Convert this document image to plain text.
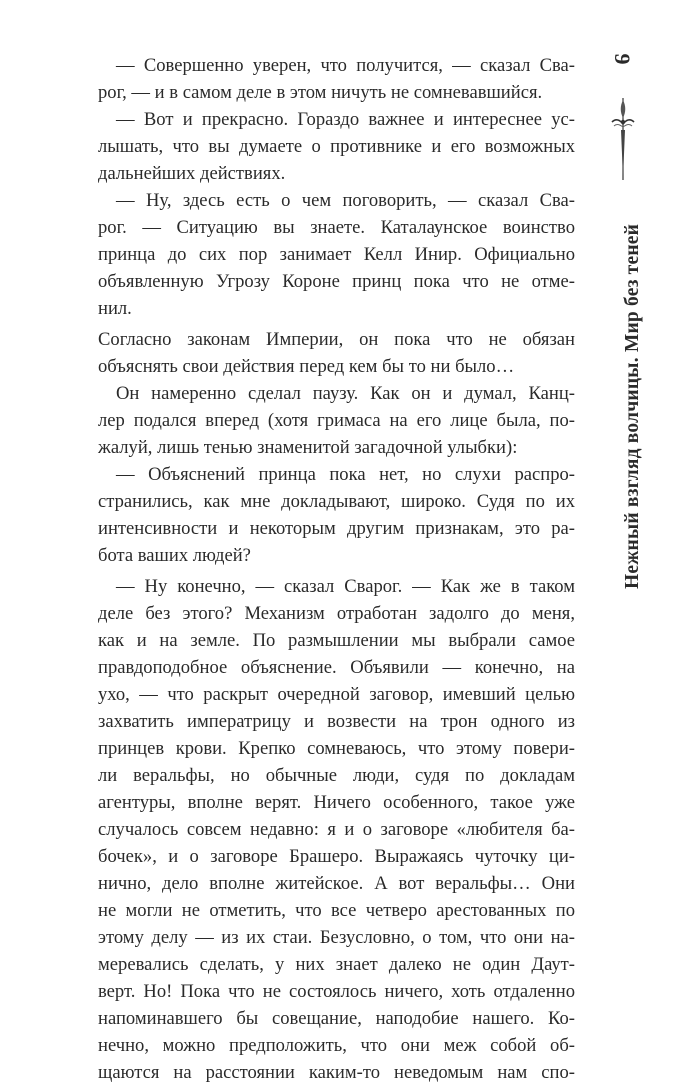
— Совершенно уверен, что получится, — сказал Сва-
рог, — и в самом деле в этом ничуть не сомневавшийся.
— Вот и прекрасно. Гораздо важнее и интереснее ус-
лышать, что вы думаете о противнике и его возможных
дальнейших действиях.
— Ну, здесь есть о чем поговорить, — сказал Сва-
рог. — Ситуацию вы знаете. Каталаунское воинство
принца до сих пор занимает Келл Инир. Официально
объявленную Угрозу Короне принц пока что не отме-
нил.
Согласно законам Империи, он пока что не обязан
объяснять свои действия перед кем бы то ни было…
Он намеренно сделал паузу. Как он и думал, Канц-
лер подался вперед (хотя гримаса на его лице была, по-
жалуй, лишь тенью знаменитой загадочной улыбки):
— Объяснений принца пока нет, но слухи распро-
странились, как мне докладывают, широко. Судя по их
интенсивности и некоторым другим признакам, это ра-
бота ваших людей?
— Ну конечно, — сказал Сварог. — Как же в таком
деле без этого? Механизм отработан задолго до меня,
как и на земле. По размышлении мы выбрали самое
правдоподобное объяснение. Объявили — конечно, на
ухо, — что раскрыт очередной заговор, имевший целью
захватить императрицу и возвести на трон одного из
принцев крови. Крепко сомневаюсь, что этому повери-
ли веральфы, но обычные люди, судя по докладам
агентуры, вполне верят. Ничего особенного, такое уже
случалось совсем недавно: я и о заговоре «любителя ба-
бочек», и о заговоре Брашеро. Выражаясь чуточку ци-
нично, дело вполне житейское. А вот веральфы… Они
не могли не отметить, что все четверо арестованных по
этому делу — из их стаи. Безусловно, о том, что они на-
меревались сделать, у них знает далеко не один Даут-
верт. Но! Пока что не состоялось ничего, хоть отдаленно
напоминавшего бы совещание, наподобие нашего. Ко-
нечно, можно предположить, что они меж собой об-
щаются на расстоянии каким-то неведомым нам спо-
9
Нежный взгляд волчицы. Мир без теней
